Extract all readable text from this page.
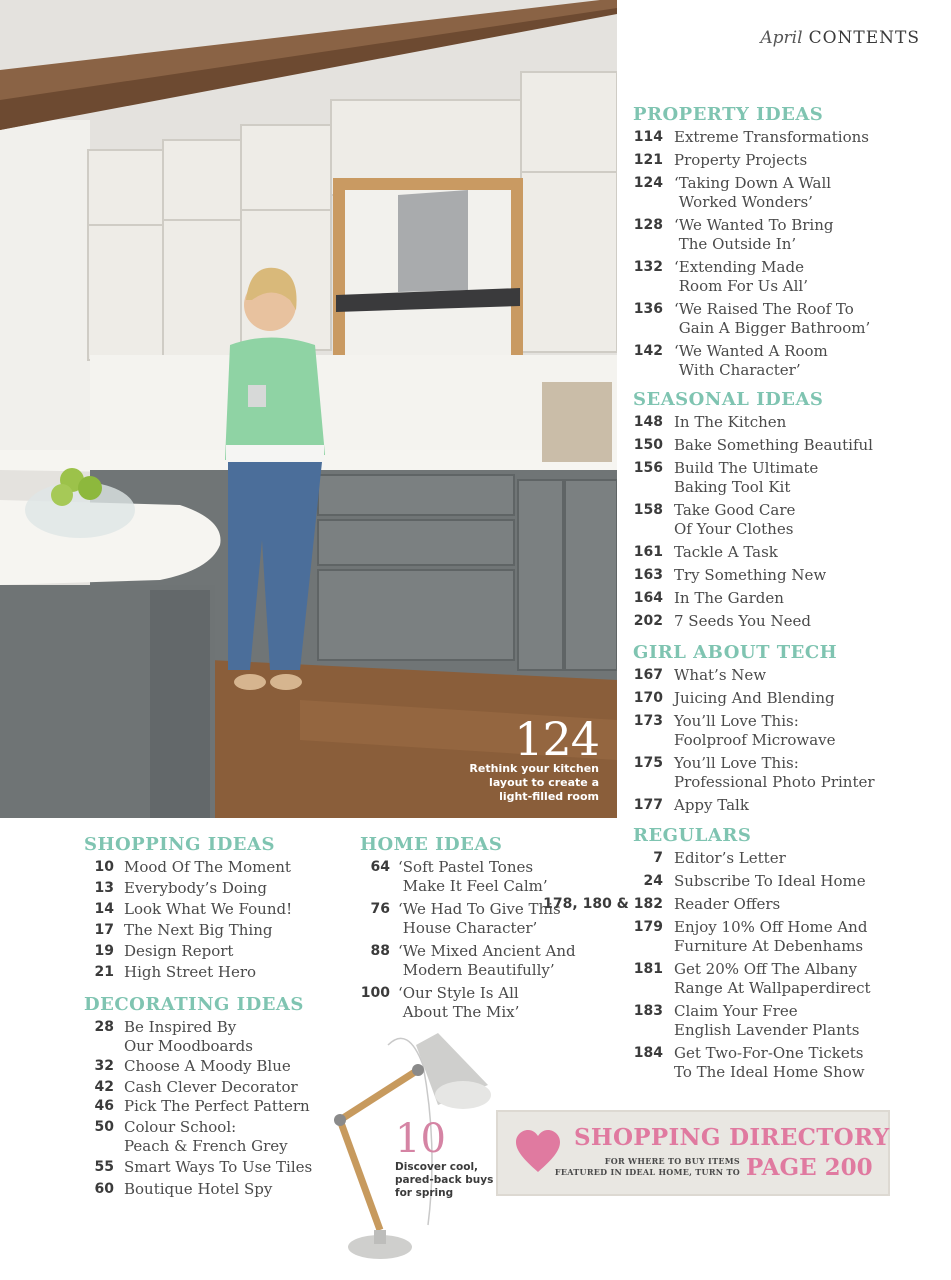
124
Rethink your kitchen layout to create a light-filled room
April CONTENTS
PROPERTY IDEAS
114 Extreme Transformations
121 Property Projects
124 ‘Taking Down A Wall
Worked Wonders’
128 ‘We Wanted To Bring
The Outside In’
132 ‘Extending Made
Room For Us All’
136 ‘We Raised The Roof To
Gain A Bigger Bathroom’
142 ‘We Wanted A Room
With Character’
SEASONAL IDEAS
148 In The Kitchen
150 Bake Something Beautiful
156 Build The Ultimate
Baking Tool Kit
158 Take Good Care
Of Your Clothes
161 Tackle A Task
163 Try Something New
164 In The Garden
202 7 Seeds You Need
GIRL ABOUT TECH
167 What’s New
170 Juicing And Blending
173 You’ll Love This:
Foolproof Microwave
175 You’ll Love This:
Professional Photo Printer
177 Appy Talk
REGULARS
7 Editor’s Letter
24 Subscribe To Ideal Home
178, 180 & 182 Reader Offers
179 Enjoy 10% Off Home And
Furniture At Debenhams
181 Get 20% Off The Albany
Range At Wallpaperdirect
183 Claim Your Free
English Lavender Plants
184 Get Two-For-One Tickets
To The Ideal Home Show
SHOPPING IDEAS
10 Mood Of The Moment
13 Everybody’s Doing
14 Look What We Found!
17 The Next Big Thing
19 Design Report
21 High Street Hero
DECORATING IDEAS
28 Be Inspired By
Our Moodboards
32 Choose A Moody Blue
42 Cash Clever Decorator
46 Pick The Perfect Pattern
50 Colour School:
Peach & French Grey
55 Smart Ways To Use Tiles
60 Boutique Hotel Spy
HOME IDEAS
64 ‘Soft Pastel Tones
Make It Feel Calm’
76 ‘We Had To Give This
House Character’
88 ‘We Mixed Ancient And
Modern Beautifully’
100 ‘Our Style Is All
About The Mix’
10
Discover cool, pared-back buys for spring
SHOPPING DIRECTORY
FOR WHERE TO BUY ITEMS FEATURED IN IDEAL HOME, TURN TO PAGE 200
